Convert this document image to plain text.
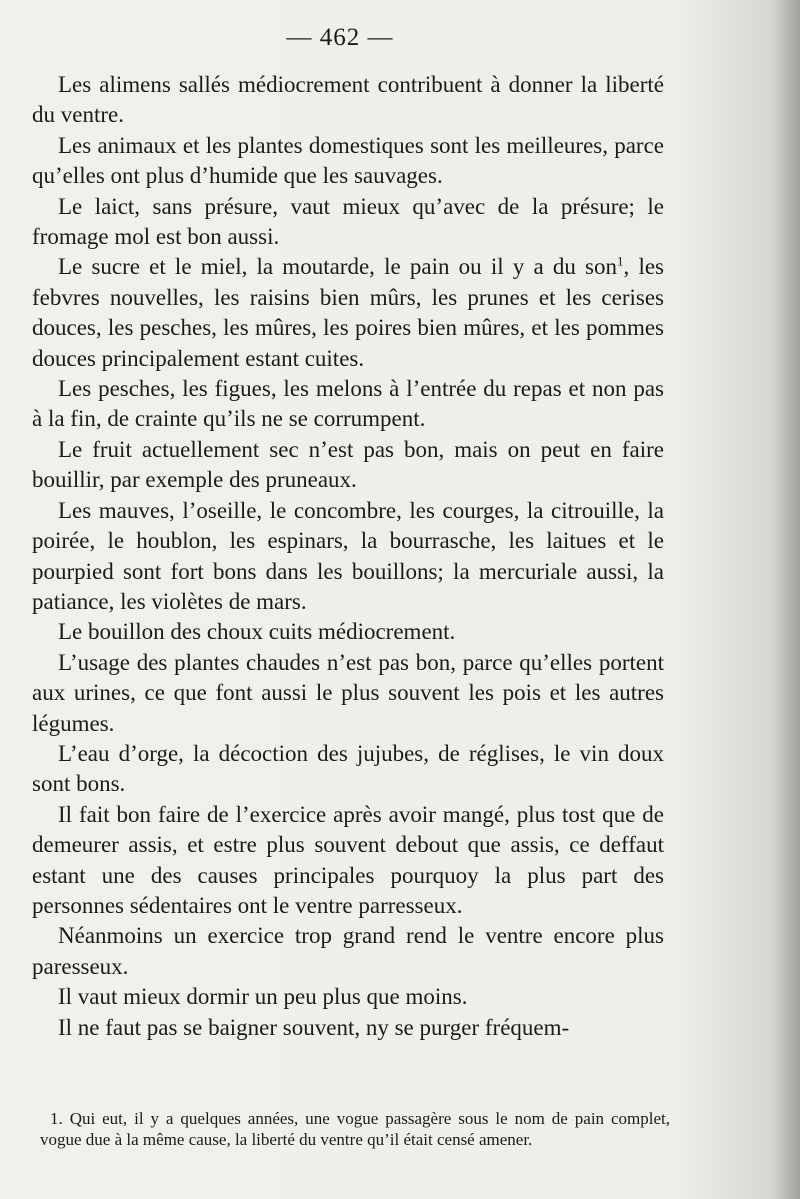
— 462 —

Les alimens sallés médiocrement contribuent à donner la liberté du ventre.

Les animaux et les plantes domestiques sont les meilleures, parce qu’elles ont plus d’humide que les sauvages.

Le laict, sans présure, vaut mieux qu’avec de la présure; le fromage mol est bon aussi.

Le sucre et le miel, la moutarde, le pain ou il y a du son$^1$, les febvres nouvelles, les raisins bien mûrs, les prunes et les cerises douces, les pesches, les mûres, les poires bien mûres, et les pommes douces principalement estant cuites.

Les pesches, les figues, les melons à l’entrée du repas et non pas à la fin, de crainte qu’ils ne se corrumpent.

Le fruit actuellement sec n’est pas bon, mais on peut en faire bouillir, par exemple des pruneaux.

Les mauves, l’oseille, le concombre, les courges, la citrouille, la poirée, le houblon, les espinars, la bourrasche, les laitues et le pourpied sont fort bons dans les bouillons; la mercuriale aussi, la patiance, les violètes de mars.

Le bouillon des choux cuits médiocrement.

L’usage des plantes chaudes n’est pas bon, parce qu’elles portent aux urines, ce que font aussi le plus souvent les pois et les autres légumes.

L’eau d’orge, la décoction des jujubes, de réglises, le vin doux sont bons.

Il fait bon faire de l’exercice après avoir mangé, plus tost que de demeurer assis, et estre plus souvent debout que assis, ce deffaut estant une des causes principales pourquoy la plus part des personnes sédentaires ont le ventre parresseux.

Néanmoins un exercice trop grand rend le ventre encore plus paresseux.

Il vaut mieux dormir un peu plus que moins.

Il ne faut pas se baigner souvent, ny se purger fréquem-

1. Qui eut, il y a quelques années, une vogue passagère sous le nom de pain complet, vogue due à la même cause, la liberté du ventre qu’il était censé amener.
